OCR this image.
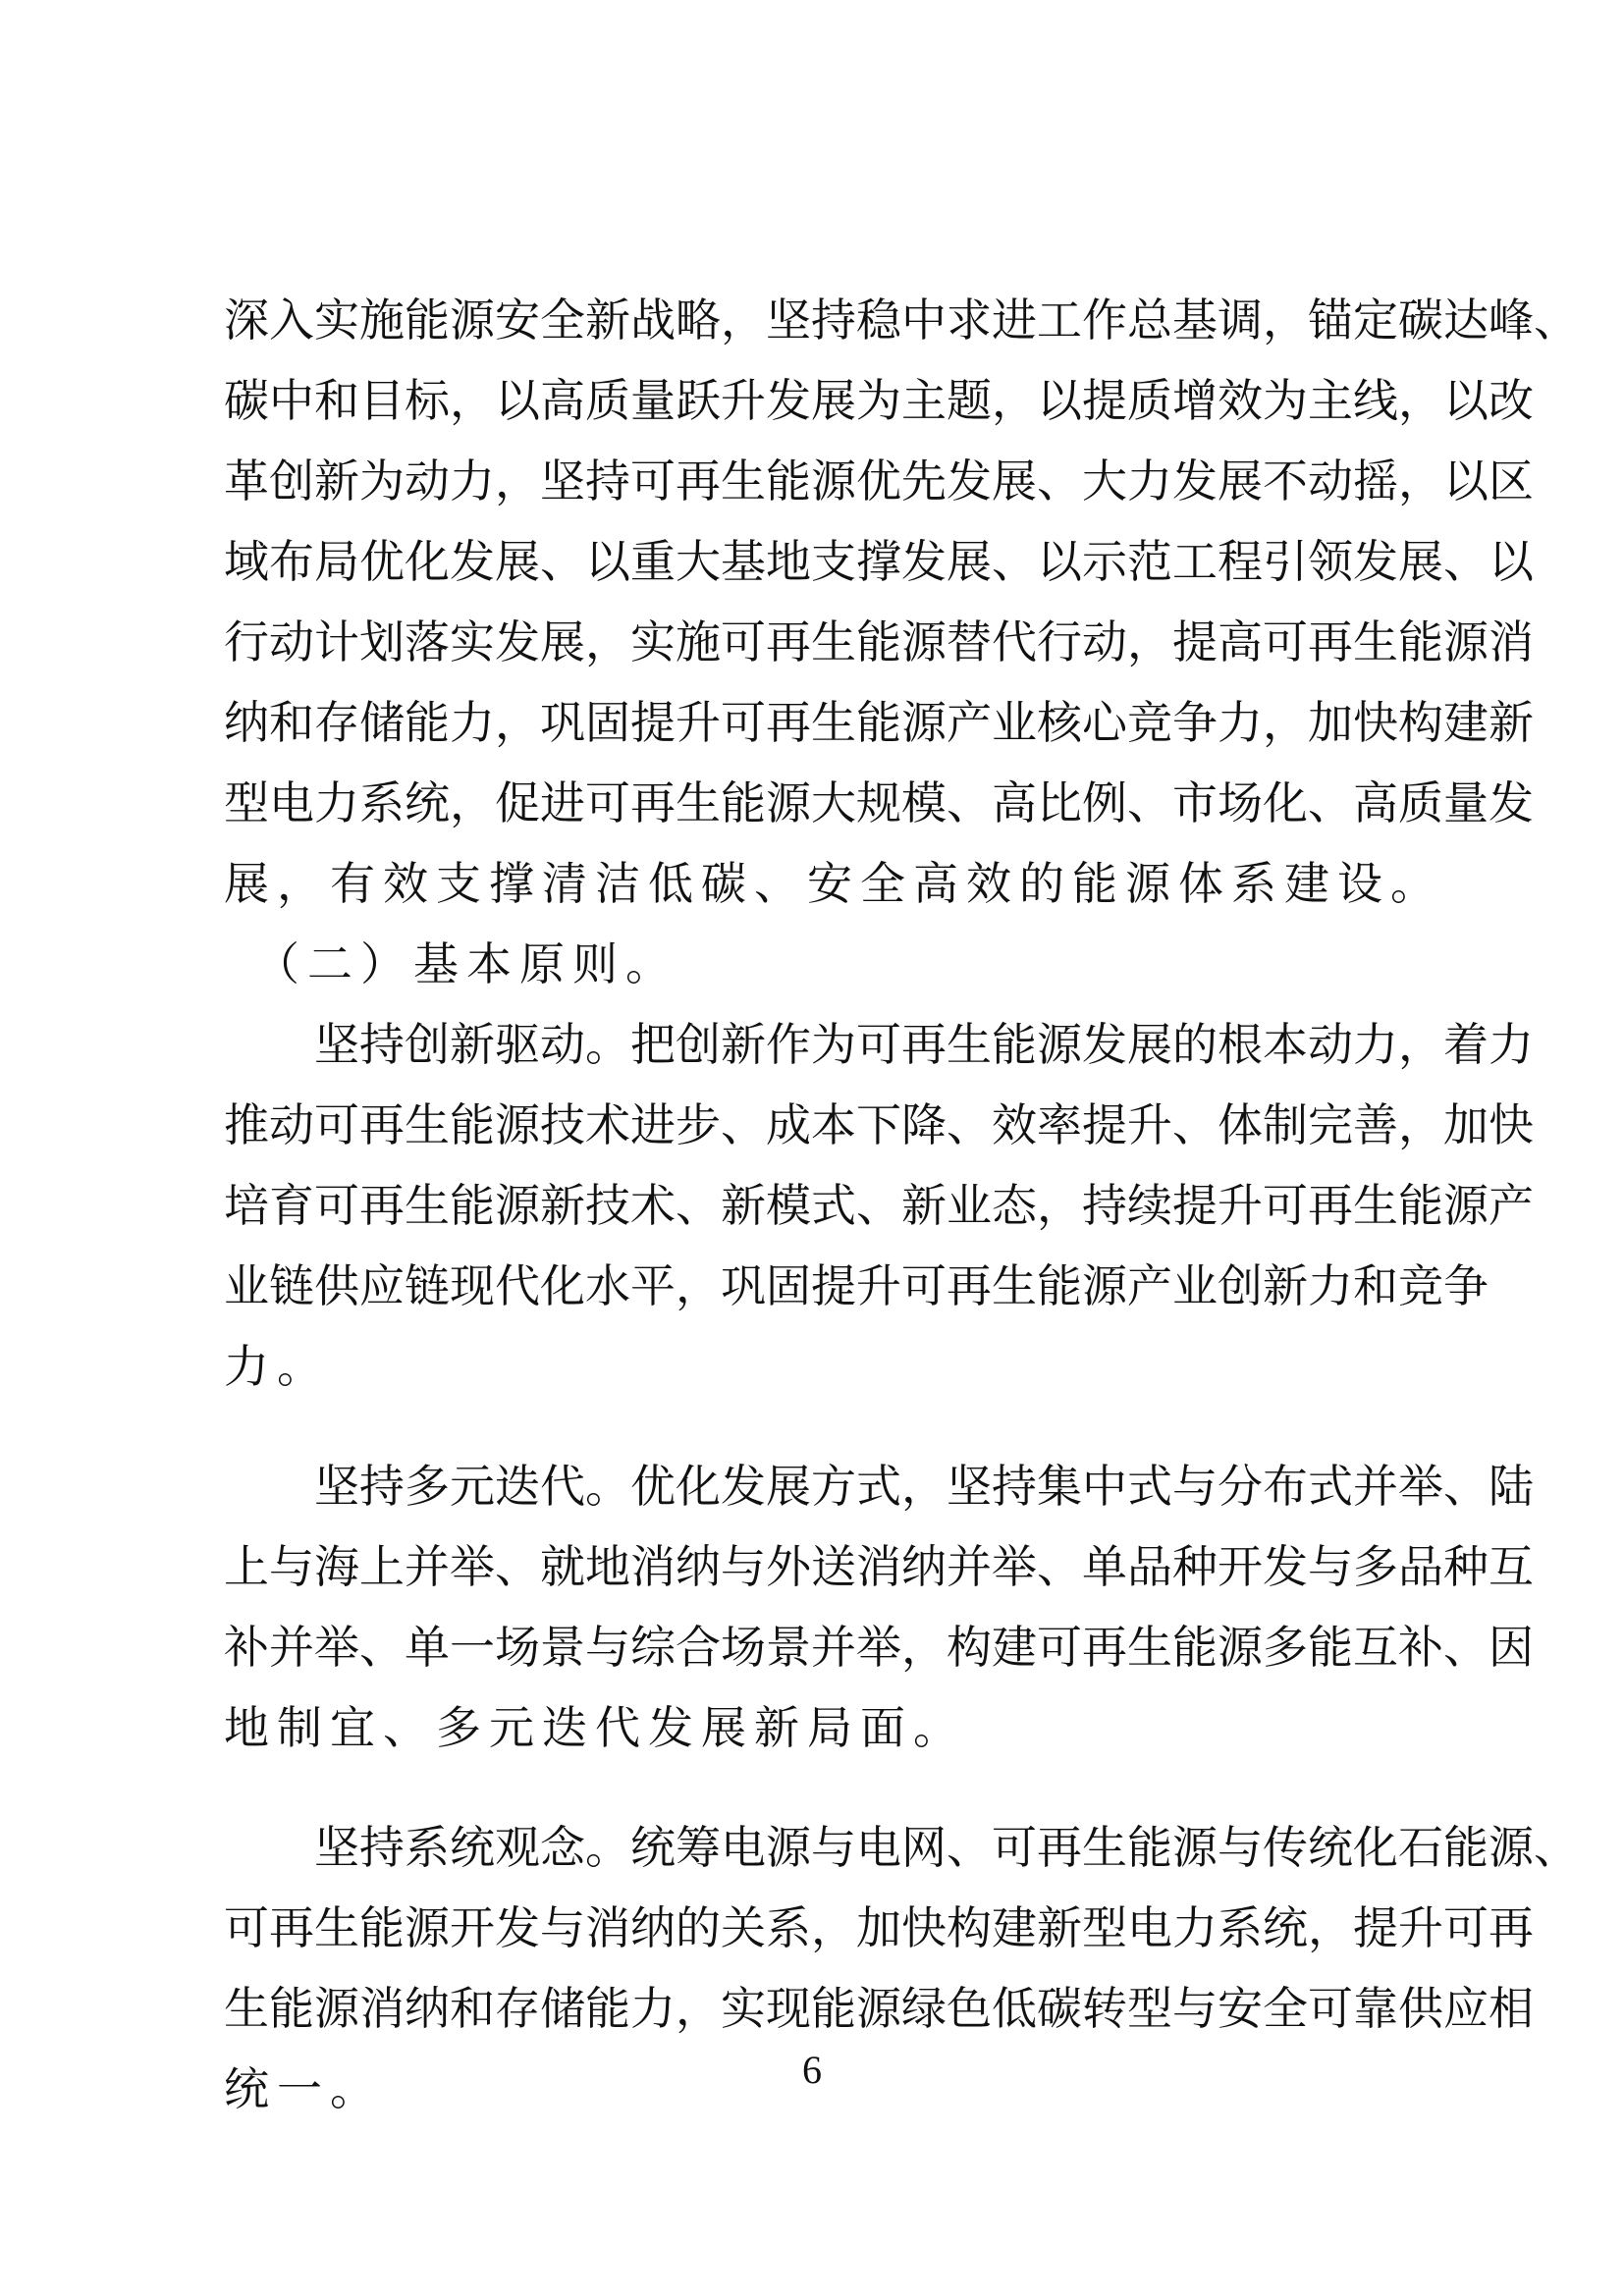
深 入 实 施 能 源 安 全 新 战 略 ， 坚 持 稳 中 求 进 工 作 总 基 调 ， 锚 定 碳 达 峰 、
碳 中 和 目 标 ， 以 高 质 量 跃 升 发 展 为 主 题 ， 以 提 质 增 效 为 主 线 ， 以 改
革 创 新 为 动 力 ， 坚 持 可 再 生 能 源 优 先 发 展 、 大 力 发 展 不 动 摇 ， 以 区
域 布 局 优 化 发 展 、 以 重 大 基 地 支 撑 发 展 、 以 示 范 工 程 引 领 发 展 、 以
行 动 计 划 落 实 发 展 ， 实 施 可 再 生 能 源 替 代 行 动 ， 提 高 可 再 生 能 源 消
纳 和 存 储 能 力 ， 巩 固 提 升 可 再 生 能 源 产 业 核 心 竞 争 力 ， 加 快 构 建 新
型 电 力 系 统 ， 促 进 可 再 生 能 源 大 规 模 、 高 比 例 、 市 场 化 、 高 质 量 发
展，有效支撑清洁低碳、安全高效的能源体系建设。
　（二）基本原则。

坚 持 创 新 驱 动 。 把 创 新 作 为 可 再 生 能 源 发 展 的 根 本 动 力 ， 着 力
推 动 可 再 生 能 源 技 术 进 步 、 成 本 下 降 、 效 率 提 升 、 体 制 完 善 ， 加 快
培 育 可 再 生 能 源 新 技 术 、 新 模 式 、 新 业 态 ， 持 续 提 升 可 再 生 能 源 产
业 链 供 应 链 现 代 化 水 平 ， 巩 固 提 升 可 再 生 能 源 产 业 创 新 力 和 竞 争
力。

坚 持 多 元 迭 代 。 优 化 发 展 方 式 ， 坚 持 集 中 式 与 分 布 式 并 举 、 陆
上 与 海 上 并 举 、 就 地 消 纳 与 外 送 消 纳 并 举 、 单 品 种 开 发 与 多 品 种 互
补 并 举 、 单 一 场 景 与 综 合 场 景 并 举 ， 构 建 可 再 生 能 源 多 能 互 补 、 因
地制宜、多元迭代发展新局面。

坚 持 系 统 观 念 。 统 筹 电 源 与 电 网 、 可 再 生 能 源 与 传 统 化 石 能 源 、
可 再 生 能 源 开 发 与 消 纳 的 关 系 ， 加 快 构 建 新 型 电 力 系 统 ， 提 升 可 再
生 能 源 消 纳 和 存 储 能 力 ， 实 现 能 源 绿 色 低 碳 转 型 与 安 全 可 靠 供 应 相
统一。	6
